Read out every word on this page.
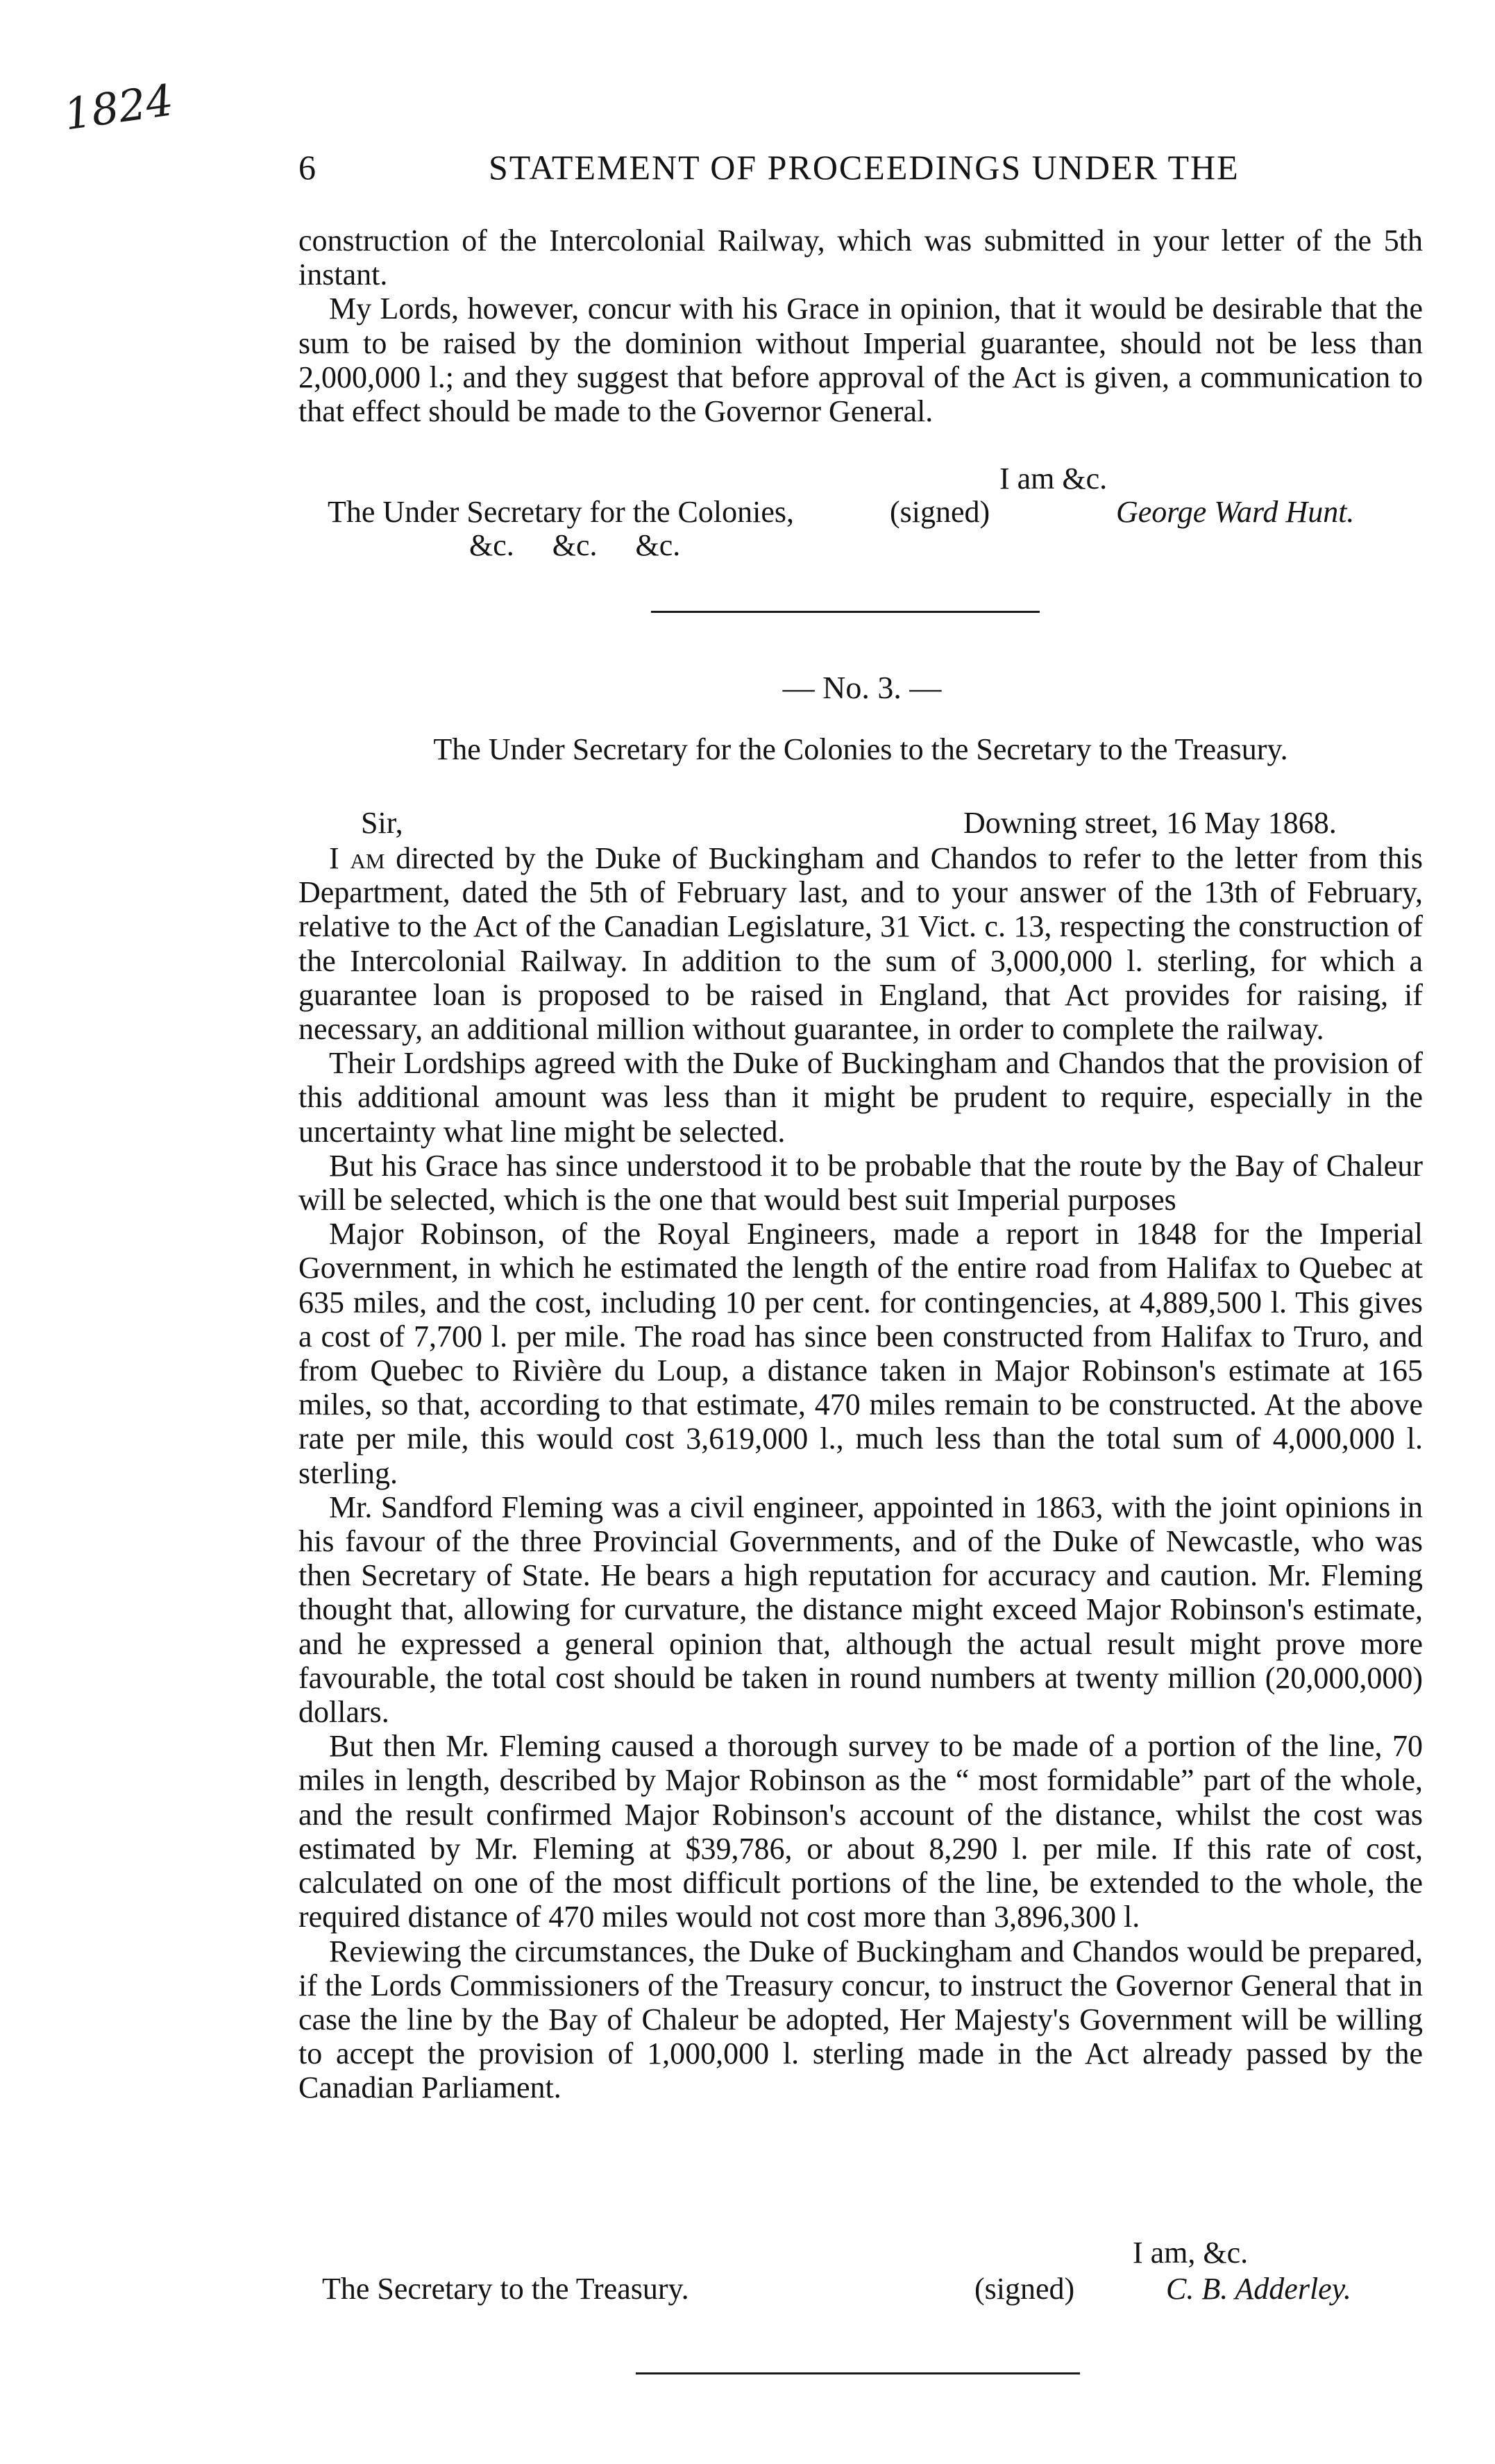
1824
6	STATEMENT OF PROCEEDINGS UNDER THE

construction of the Intercolonial Railway, which was submitted in your letter of the 5th instant.

My Lords, however, concur with his Grace in opinion, that it would be desirable that the sum to be raised by the dominion without Imperial guarantee, should not be less than 2,000,000 l.; and they suggest that before approval of the Act is given, a communication to that effect should be made to the Governor General.

I am &c.
The Under Secretary for the Colonies,	(signed)	George Ward Hunt.
&c.     &c.     &c.
— No. 3. —
The Under Secretary for the Colonies to the Secretary to the Treasury.
Sir,	Downing street, 16 May 1868.

I am directed by the Duke of Buckingham and Chandos to refer to the letter from this Department, dated the 5th of February last, and to your answer of the 13th of February, relative to the Act of the Canadian Legislature, 31 Vict. c. 13, respecting the construction of the Intercolonial Railway. In addition to the sum of 3,000,000 l. sterling, for which a guarantee loan is proposed to be raised in England, that Act provides for raising, if necessary, an additional million without guarantee, in order to complete the railway.

Their Lordships agreed with the Duke of Buckingham and Chandos that the provision of this additional amount was less than it might be prudent to require, especially in the uncertainty what line might be selected.

But his Grace has since understood it to be probable that the route by the Bay of Chaleur will be selected, which is the one that would best suit Imperial purposes

Major Robinson, of the Royal Engineers, made a report in 1848 for the Imperial Government, in which he estimated the length of the entire road from Halifax to Quebec at 635 miles, and the cost, including 10 per cent. for contingencies, at 4,889,500 l. This gives a cost of 7,700 l. per mile. The road has since been constructed from Halifax to Truro, and from Quebec to Rivière du Loup, a distance taken in Major Robinson's estimate at 165 miles, so that, according to that estimate, 470 miles remain to be constructed. At the above rate per mile, this would cost 3,619,000 l., much less than the total sum of 4,000,000 l. sterling.

Mr. Sandford Fleming was a civil engineer, appointed in 1863, with the joint opinions in his favour of the three Provincial Governments, and of the Duke of Newcastle, who was then Secretary of State. He bears a high reputation for accuracy and caution. Mr. Fleming thought that, allowing for curvature, the distance might exceed Major Robinson's estimate, and he expressed a general opinion that, although the actual result might prove more favourable, the total cost should be taken in round numbers at twenty million (20,000,000) dollars.

But then Mr. Fleming caused a thorough survey to be made of a portion of the line, 70 miles in length, described by Major Robinson as the “ most formidable” part of the whole, and the result confirmed Major Robinson's account of the distance, whilst the cost was estimated by Mr. Fleming at $39,786, or about 8,290 l. per mile. If this rate of cost, calculated on one of the most difficult portions of the line, be extended to the whole, the required distance of 470 miles would not cost more than 3,896,300 l.

Reviewing the circumstances, the Duke of Buckingham and Chandos would be prepared, if the Lords Commissioners of the Treasury concur, to instruct the Governor General that in case the line by the Bay of Chaleur be adopted, Her Majesty's Government will be willing to accept the provision of 1,000,000 l. sterling made in the Act already passed by the Canadian Parliament.

I am, &c.
The Secretary to the Treasury.	(signed)	C. B. Adderley.
